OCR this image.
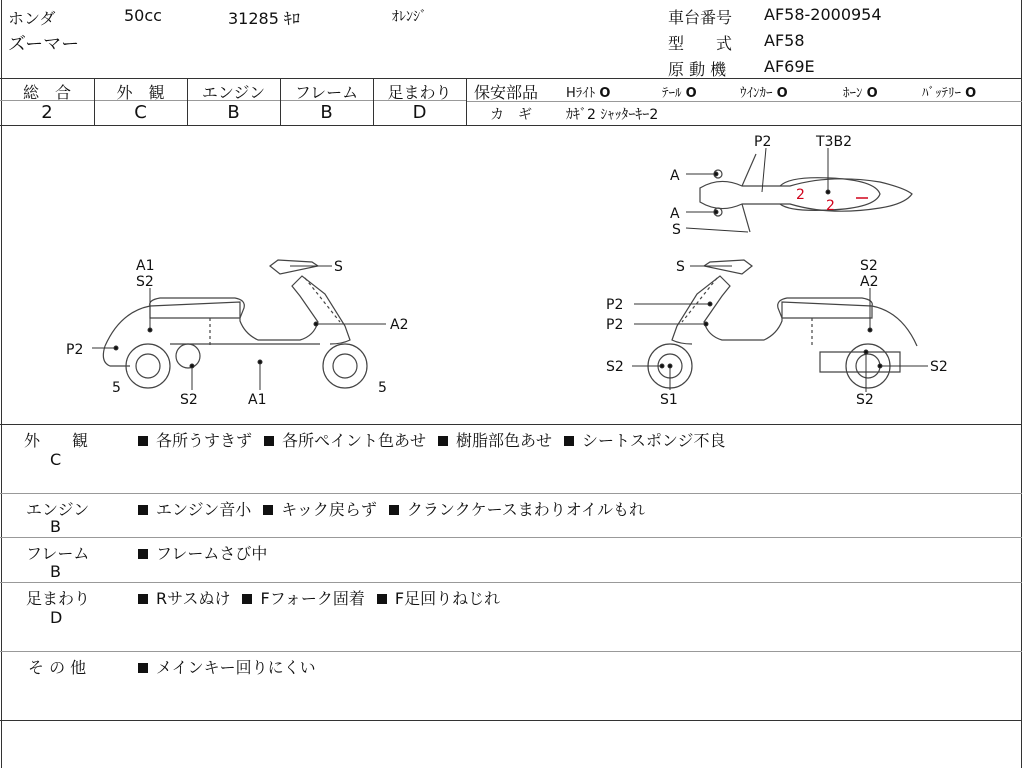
ホンダ	50cc	31285 ｷﾛ	ｵﾚﾝｼﾞ
ズーマー
車台番号 AF58-2000954
型　　式 AF58
原 動 機 AF69E
総　合
2
外　観
C
エンジン
B
フレーム
B
足まわり
D
保安部品 Hﾗｲﾄ O	ﾃｰﾙ O	ｳｲﾝｶｰ O	ﾎｰﾝ O	ﾊﾞｯﾃﾘｰ O
カ　ギ ｶｷﾞ2 ｼｬｯﾀｰｷｰ2
2
2
P2	T3B2
A
A
S
A1
S2
S
A2
P2
5
S2	A1
5
S	S2
A2
P2
P2
S2
S1	S2
S2
外　　観
C
各所うすきず 各所ペイント色あせ 樹脂部色あせ シートスポンジ不良
エンジン
B
エンジン音小 キック戻らず クランクケースまわりオイルもれ
フレーム
B
フレームさび中
足まわり
D
Rサスぬけ Fフォーク固着 F足回りねじれ
そ の 他	メインキー回りにくい
